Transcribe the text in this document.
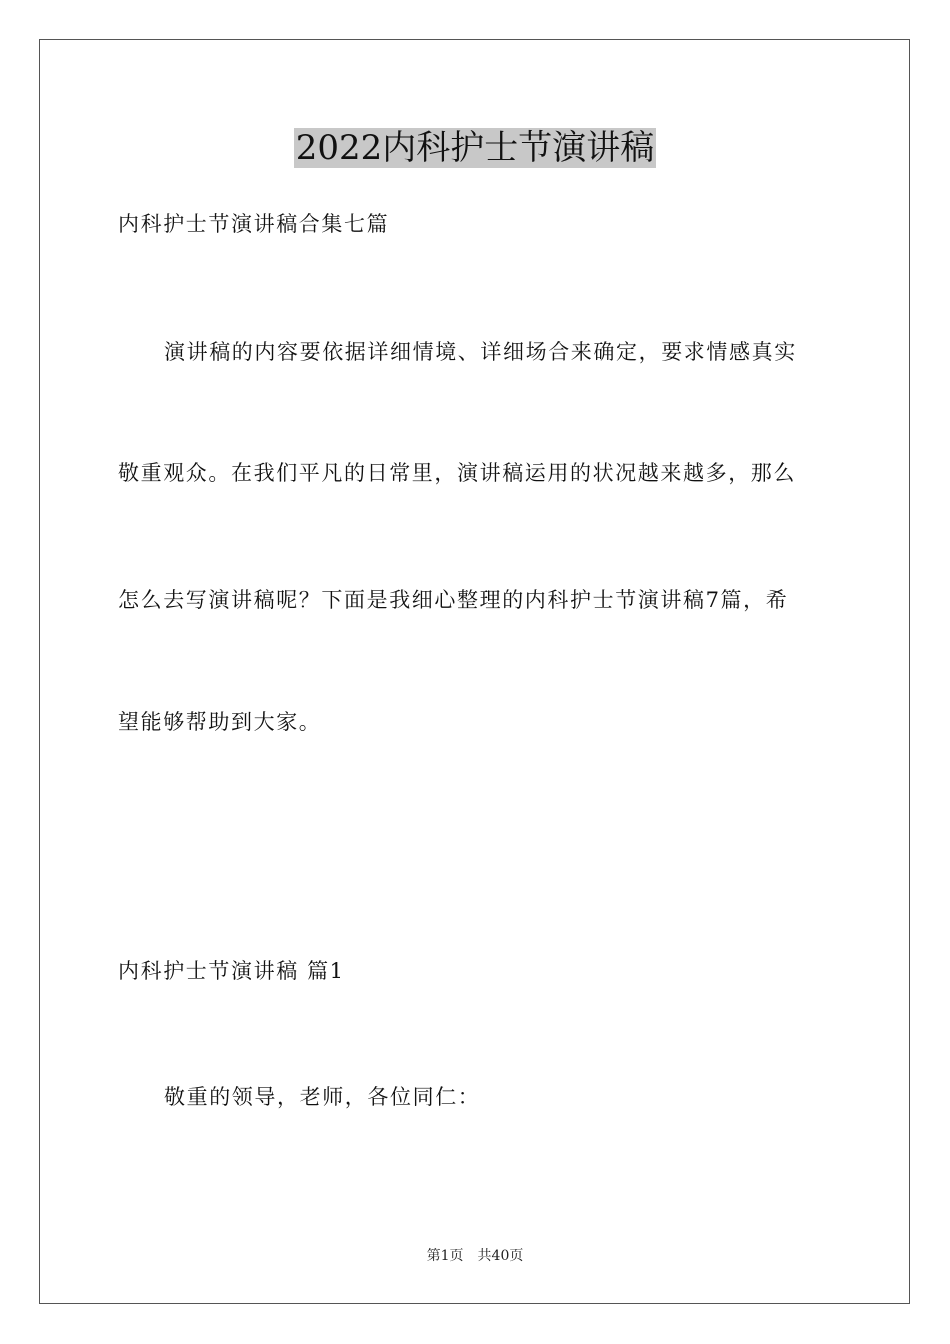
2022内科护士节演讲稿
内科护士节演讲稿合集七篇
演讲稿的内容要依据详细情境、详细场合来确定，要求情感真实
敬重观众。在我们平凡的日常里，演讲稿运用的状况越来越多，那么
怎么去写演讲稿呢？下面是我细心整理的内科护士节演讲稿7篇，希
望能够帮助到大家。
内科护士节演讲稿 篇1
敬重的领导，老师，各位同仁：
第1页 共40页
